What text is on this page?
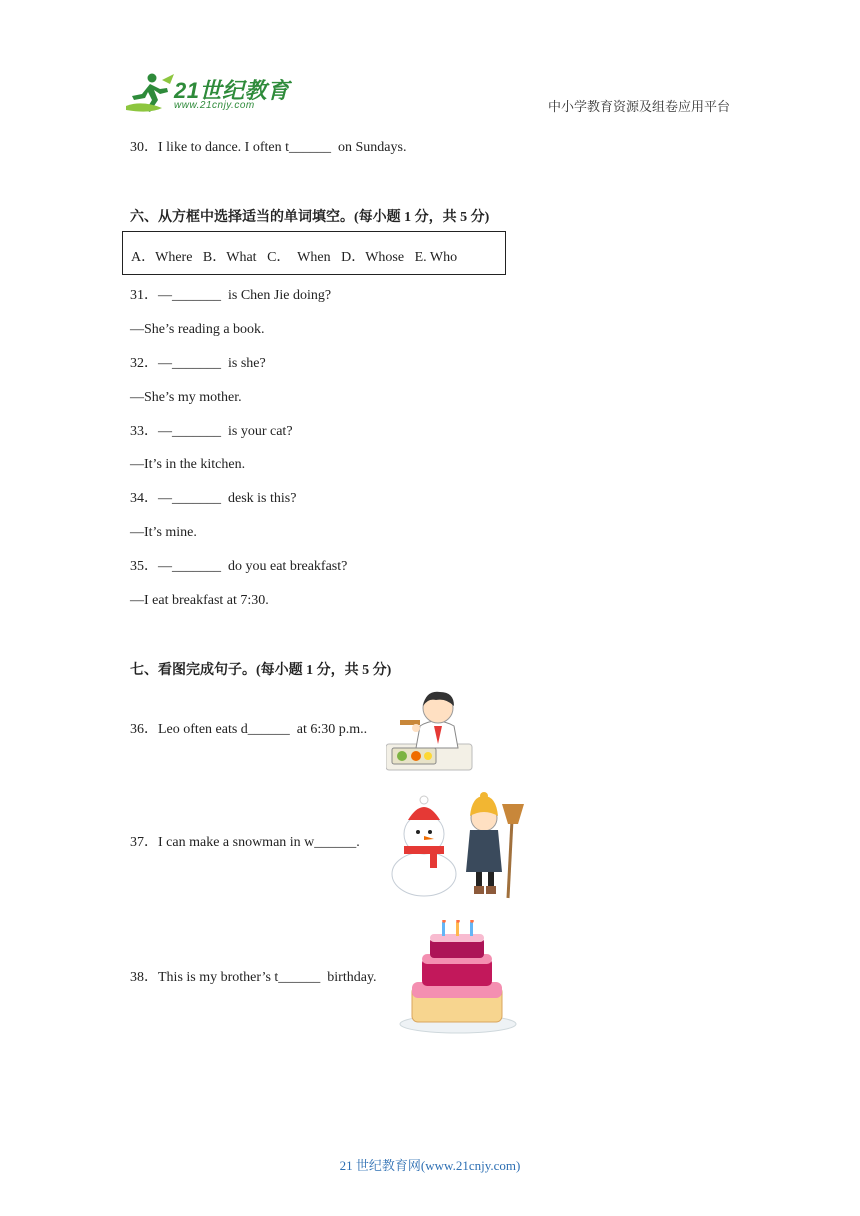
21世纪教育
www.21cnjy.com	中小学教育资源及组卷应用平台
30．I like to dance. I often t______  on Sundays.
六、从方框中选择适当的单词填空。(每小题 1 分，共 5 分)
A．Where   B．What   C．  When   D．Whose   E. Who
31．—_______  is Chen Jie doing?
—She’s reading a book.
32．—_______  is she?
—She’s my mother.
33．—_______  is your cat?
—It’s in the kitchen.
34．—_______  desk is this?
—It’s mine.
35．—_______  do you eat breakfast?
—I eat breakfast at 7:30.
七、看图完成句子。(每小题 1 分，共 5 分)
36．Leo often eats d______  at 6:30 p.m..
37．I can make a snowman in w______.
38．This is my brother’s t______  birthday.
21 世纪教育网(www.21cnjy.com)
